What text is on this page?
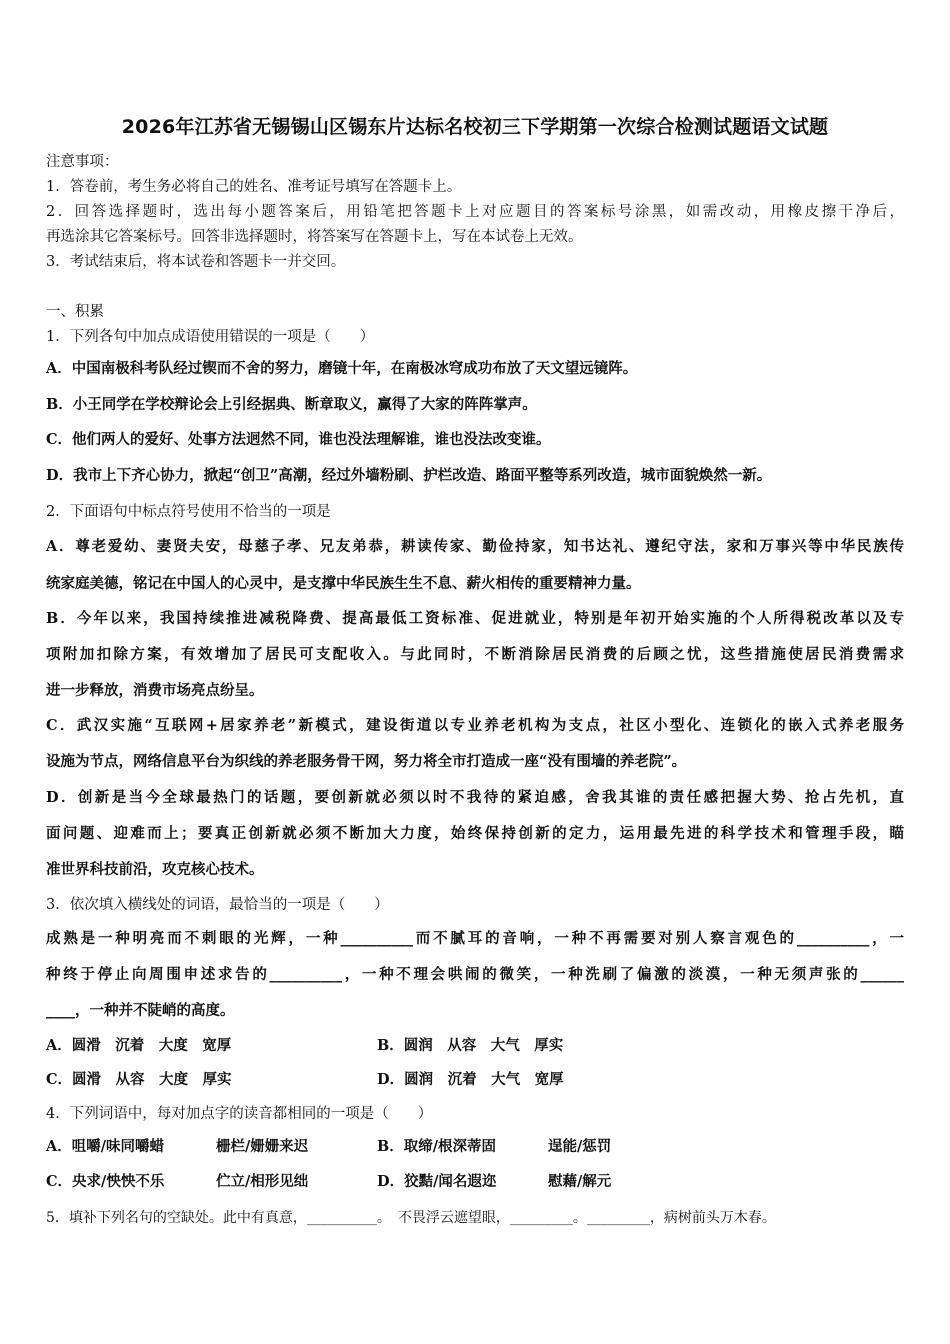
2026年江苏省无锡锡山区锡东片达标名校初三下学期第一次综合检测试题语文试题
注意事项：
1．答卷前，考生务必将自己的姓名、准考证号填写在答题卡上。
2．回答选择题时，选出每小题答案后，用铅笔把答题卡上对应题目的答案标号涂黑，如需改动，用橡皮擦干净后，
再选涂其它答案标号。回答非选择题时，将答案写在答题卡上，写在本试卷上无效。
3．考试结束后，将本试卷和答题卡一并交回。
一、积累
1．下列各句中加点成语使用错误的一项是（　　）
A．中国南极科考队经过锲而不舍的努力，磨镜十年，在南极冰穹成功布放了天文望远镜阵。
B．小王同学在学校辩论会上引经据典、断章取义，赢得了大家的阵阵掌声。
C．他们两人的爱好、处事方法迥然不同，谁也没法理解谁，谁也没法改变谁。
D．我市上下齐心协力，掀起“创卫”高潮，经过外墙粉刷、护栏改造、路面平整等系列改造，城市面貌焕然一新。
2．下面语句中标点符号使用不恰当的一项是
A．尊老爱幼、妻贤夫安，母慈子孝、兄友弟恭，耕读传家、勤俭持家，知书达礼、遵纪守法，家和万事兴等中华民族传
统家庭美德，铭记在中国人的心灵中，是支撑中华民族生生不息、薪火相传的重要精神力量。
B．今年以来，我国持续推进减税降费、提高最低工资标准、促进就业，特别是年初开始实施的个人所得税改革以及专
项附加扣除方案，有效增加了居民可支配收入。与此同时，不断消除居民消费的后顾之忧，这些措施使居民消费需求
进一步释放，消费市场亮点纷呈。
C．武汉实施“互联网+居家养老”新模式，建设街道以专业养老机构为支点，社区小型化、连锁化的嵌入式养老服务
设施为节点，网络信息平台为织线的养老服务骨干网，努力将全市打造成一座“没有围墙的养老院”。
D．创新是当今全球最热门的话题，要创新就必须以时不我待的紧迫感，舍我其谁的责任感把握大势、抢占先机，直
面问题、迎难而上；要真正创新就必须不断加大力度，始终保持创新的定力，运用最先进的科学技术和管理手段，瞄
准世界科技前沿，攻克核心技术。
3．依次填入横线处的词语，最恰当的一项是（　　）
成熟是一种明亮而不刺眼的光辉，一种__________而不腻耳的音响，一种不再需要对别人察言观色的__________，一
种终于停止向周围申述求告的__________，一种不理会哄闹的微笑，一种洗刷了偏激的淡漠，一种无须声张的______
____，一种并不陡峭的高度。
A．圆滑　沉着　大度　宽厚	B．圆润　从容　大气　厚实
C．圆滑　从容　大度　厚实	D．圆润　沉着　大气　宽厚
4．下列词语中，每对加点字的读音都相同的一项是（　　）
A．咀嚼/味同嚼蜡	栅栏/姗姗来迟	B．取缔/根深蒂固	逞能/惩罚
C．央求/怏怏不乐	伫立/相形见绌	D．狡黠/闻名遐迩	慰藉/解元
5．填补下列名句的空缺处。此中有真意，__________。　不畏浮云遮望眼，_________。_________，病树前头万木春。
